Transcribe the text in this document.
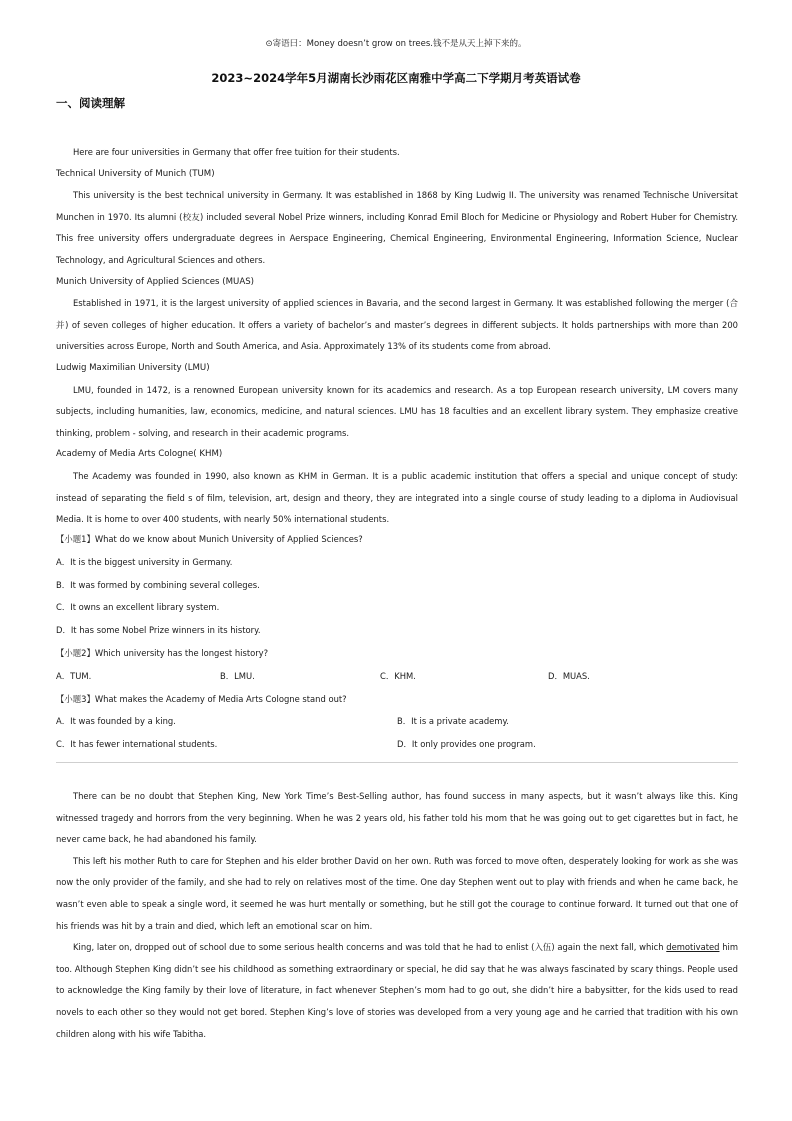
⊙寄语曰：Money doesn’t grow on trees.钱不是从天上掉下来的。
2023~2024学年5月湖南长沙雨花区南雅中学高二下学期月考英语试卷
一、阅读理解

Here are four universities in Germany that offer free tuition for their students.

Technical University of Munich (TUM)

This university is the best technical university in Germany. It was established in 1868 by King Ludwig II. The university was renamed Technische Universitat Munchen in 1970. Its alumni (校友) included several Nobel Prize winners, including Konrad Emil Bloch for Medicine or Physiology and Robert Huber for Chemistry. This free university offers undergraduate degrees in Aerspace Engineering, Chemical Engineering, Environmental Engineering, Information Science, Nuclear Technology, and Agricultural Sciences and others.

Munich University of Applied Sciences (MUAS)

Established in 1971, it is the largest university of applied sciences in Bavaria, and the second largest in Germany. It was established following the merger (合并) of seven colleges of higher education. It offers a variety of bachelor’s and master’s degrees in different subjects. It holds partnerships with more than 200 universities across Europe, North and South America, and Asia. Approximately 13% of its students come from abroad.

Ludwig Maximilian University (LMU)

LMU, founded in 1472, is a renowned European university known for its academics and research. As a top European research university, LM covers many subjects, including humanities, law, economics, medicine, and natural sciences. LMU has 18 faculties and an excellent library system. They emphasize creative thinking, problem - solving, and research in their academic programs.

Academy of Media Arts Cologne( KHM)

The Academy was founded in 1990, also known as KHM in German. It is a public academic institution that offers a special and unique concept of study: instead of separating the field s of film, television, art, design and theory, they are integrated into a single course of study leading to a diploma in Audiovisual Media. It is home to over 400 students, with nearly 50% international students.

【小题1】What do we know about Munich University of Applied Sciences?

A．It is the biggest university in Germany.

B．It was formed by combining several colleges.

C．It owns an excellent library system.

D．It has some Nobel Prize winners in its history.

【小题2】Which university has the longest history?

A．TUM.	B．LMU.	C．KHM.	D．MUAS.

【小题3】What makes the Academy of Media Arts Cologne stand out?

A．It was founded by a king.	B．It is a private academy.
C．It has fewer international students.	D．It only provides one program.

There can be no doubt that Stephen King, New York Time’s Best-Selling author, has found success in many aspects, but it wasn’t always like this. King witnessed tragedy and horrors from the very beginning. When he was 2 years old, his father told his mom that he was going out to get cigarettes but in fact, he never came back, he had abandoned his family.

This left his mother Ruth to care for Stephen and his elder brother David on her own. Ruth was forced to move often, desperately looking for work as she was now the only provider of the family, and she had to rely on relatives most of the time. One day Stephen went out to play with friends and when he came back, he wasn’t even able to speak a single word, it seemed he was hurt mentally or something, but he still got the courage to continue forward. It turned out that one of his friends was hit by a train and died, which left an emotional scar on him.

King, later on, dropped out of school due to some serious health concerns and was told that he had to enlist (入伍) again the next fall, which demotivated him too. Although Stephen King didn’t see his childhood as something extraordinary or special, he did say that he was always fascinated by scary things. People used to acknowledge the King family by their love of literature, in fact whenever Stephen’s mom had to go out, she didn’t hire a babysitter, for the kids used to read novels to each other so they would not get bored. Stephen King’s love of stories was developed from a very young age and he carried that tradition with his own children along with his wife Tabitha.
